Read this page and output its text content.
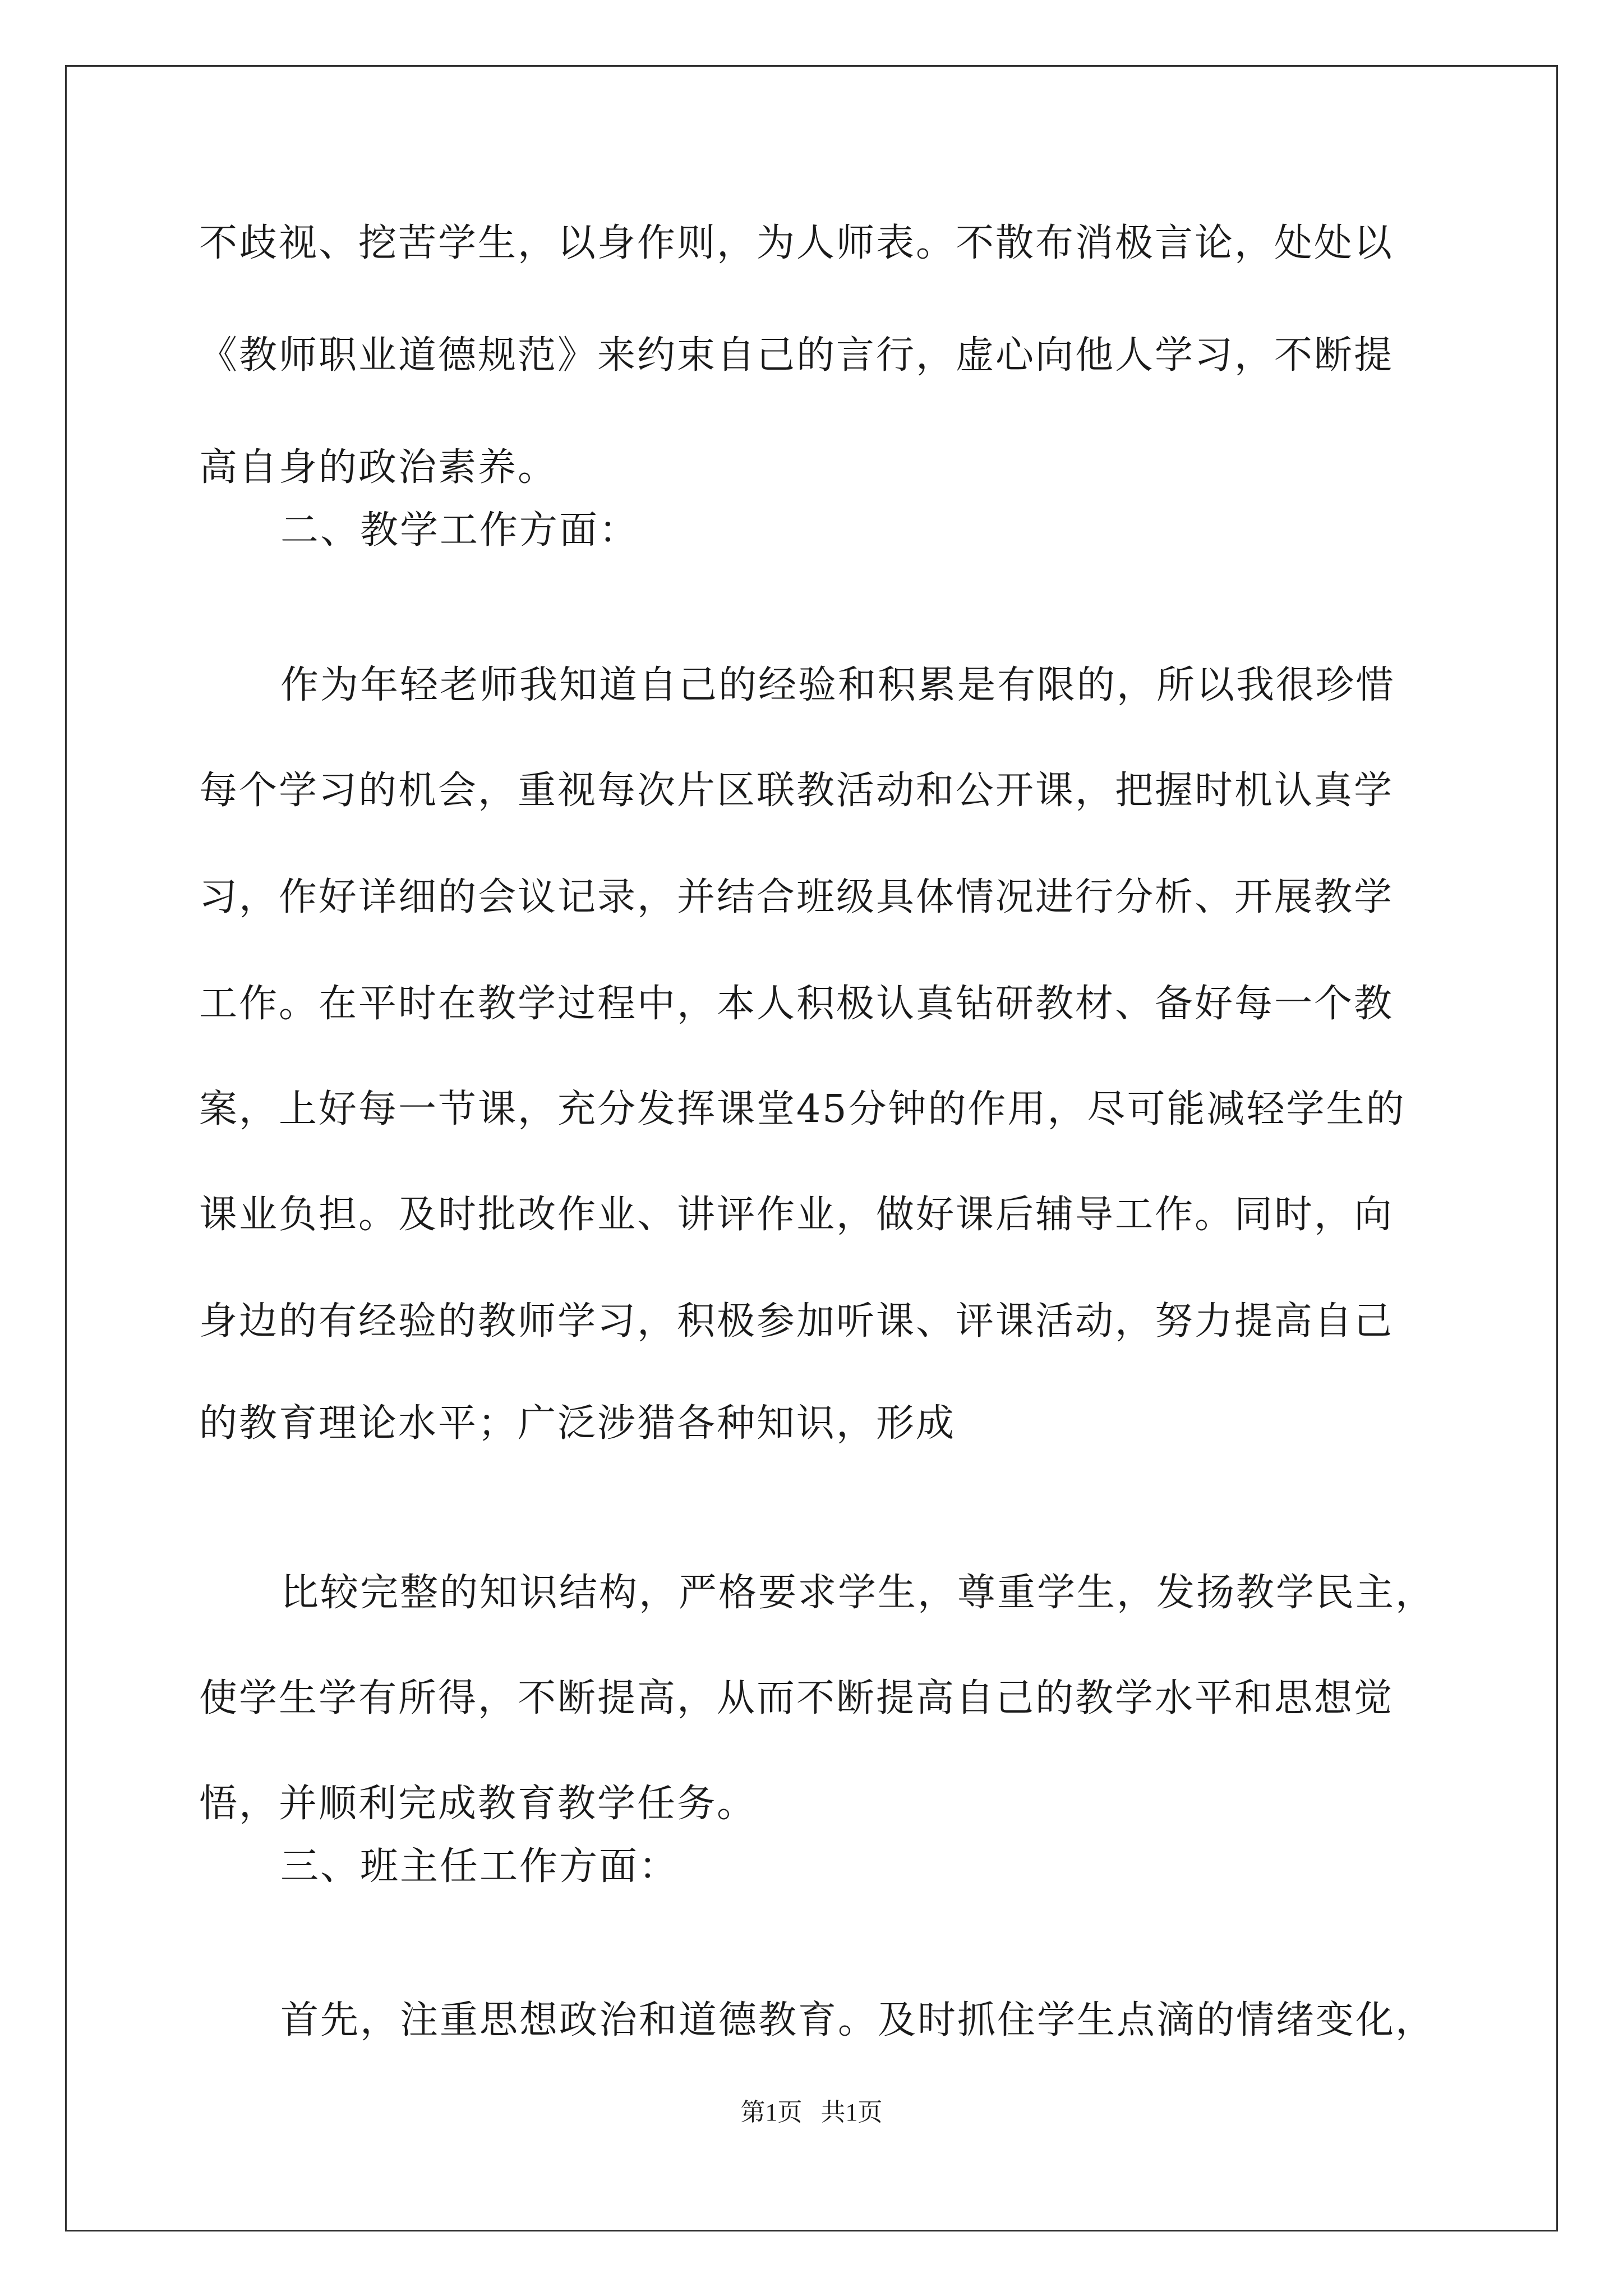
不歧视、挖苦学生，以身作则，为人师表。不散布消极言论，处处以
《教师职业道德规范》来约束自己的言行，虚心向他人学习，不断提
高自身的政治素养。
二、教学工作方面：
作为年轻老师我知道自己的经验和积累是有限的，所以我很珍惜
每个学习的机会，重视每次片区联教活动和公开课，把握时机认真学
习，作好详细的会议记录，并结合班级具体情况进行分析、开展教学
工作。在平时在教学过程中，本人积极认真钻研教材、备好每一个教
案，上好每一节课，充分发挥课堂45分钟的作用，尽可能减轻学生的
课业负担。及时批改作业、讲评作业，做好课后辅导工作。同时，向
身边的有经验的教师学习，积极参加听课、评课活动，努力提高自己
的教育理论水平；广泛涉猎各种知识，形成
比较完整的知识结构，严格要求学生，尊重学生，发扬教学民主，
使学生学有所得，不断提高，从而不断提高自己的教学水平和思想觉
悟，并顺利完成教育教学任务。
三、班主任工作方面：
首先，注重思想政治和道德教育。及时抓住学生点滴的情绪变化，
第1页   共1页
